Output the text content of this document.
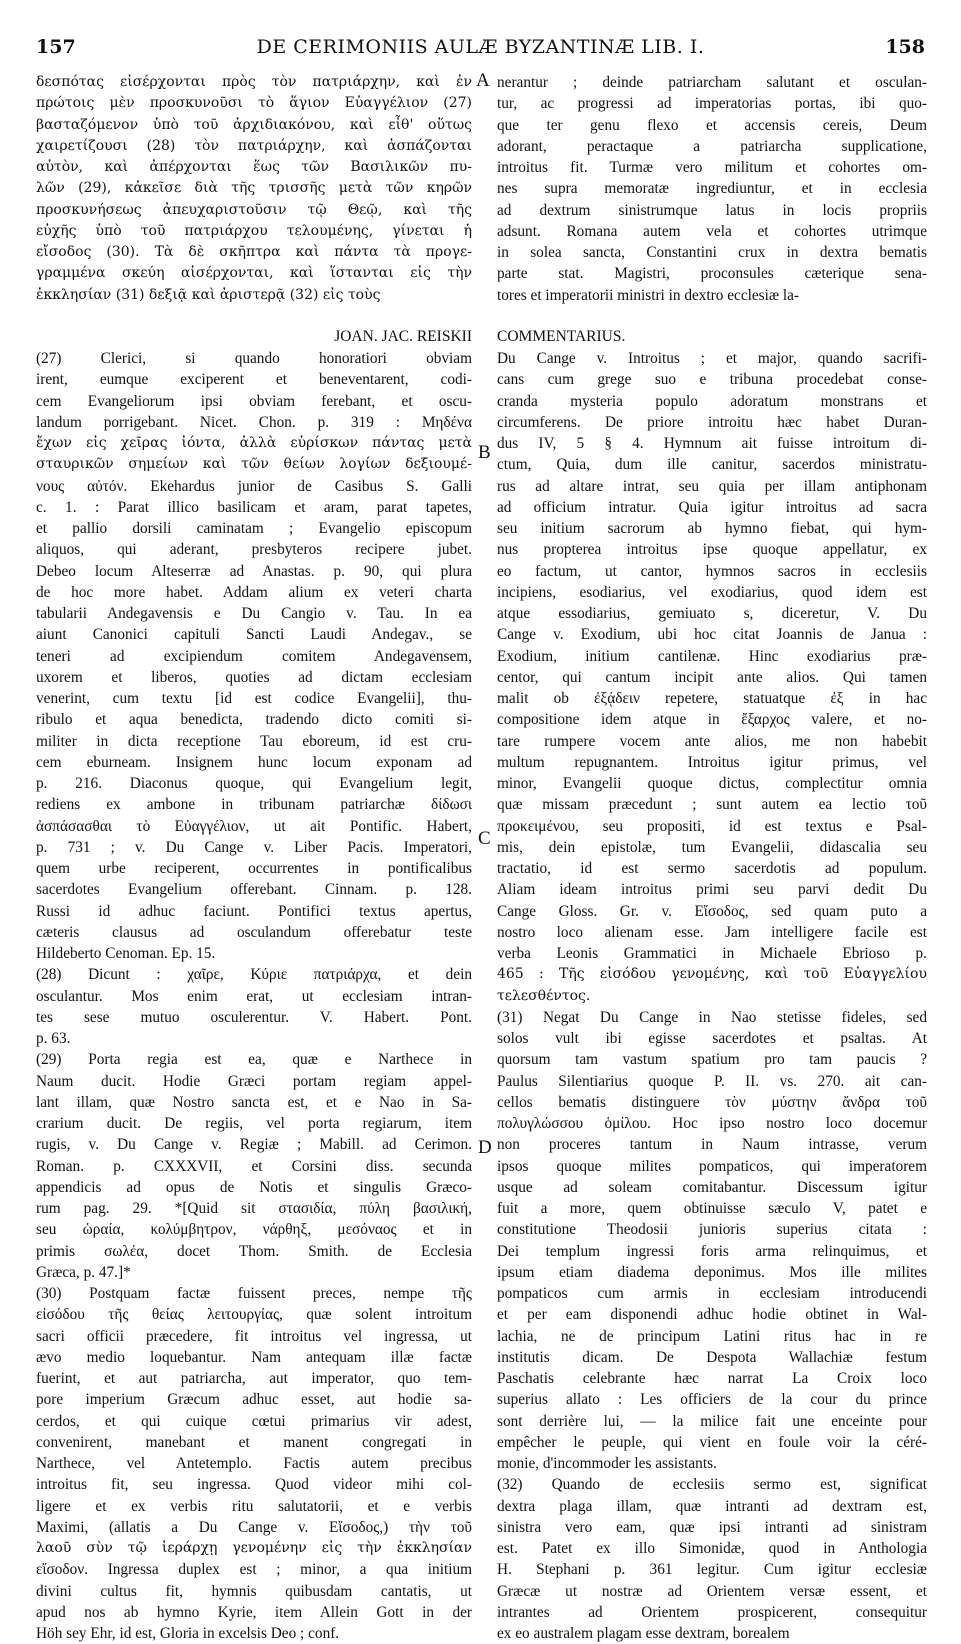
157	DE CERIMONIIS AULÆ BYZANTINÆ LIB. I.	158
δεσπότας εἰσέρχονται πρὸς τὸν πατριάρχην, καὶ ἐν
πρώτοις μὲν προσκυνοῦσι τὸ ἅγιον Εὐαγγέλιον (27)
βασταζόμενον ὑπὸ τοῦ ἀρχιδιακόνου, καὶ εἶθ' οὕτως
χαιρετίζουσι (28) τὸν πατριάρχην, καὶ ἀσπάζονται
αὐτὸν, καὶ ἀπέρχονται ἕως τῶν Βασιλικῶν πυ-
λῶν (29), κἀκεῖσε διὰ τῆς τρισσῆς μετὰ τῶν κηρῶν
προσκυνήσεως ἀπευχαριστοῦσιν τῷ Θεῷ, καὶ τῆς
εὐχῆς ὑπὸ τοῦ πατριάρχου τελουμένης, γίνεται ἡ
εἴσοδος (30). Τὰ δὲ σκῆπτρα καὶ πάντα τὰ προγε-
γραμμένα σκεύη αἰσέρχονται, καὶ ἵστανται εἰς τὴν
ἐκκλησίαν (31) δεξιᾷ καὶ ἀριστερᾷ (32) εἰς τοὺς
nerantur ; deinde patriarcham salutant et osculan-
tur, ac progressi ad imperatorias portas, ibi quo-
que ter genu flexo et accensis cereis, Deum
adorant, peractaque a patriarcha supplicatione,
introitus fit. Turmæ vero militum et cohortes om-
nes supra memoratæ ingrediuntur, et in ecclesia
ad dextrum sinistrumque latus in locis propriis
adsunt. Romana autem vela et cohortes utrimque
in solea sancta, Constantini crux in dextra bematis
parte stat. Magistri, proconsules cæterique sena-
tores et imperatorii ministri in dextro ecclesiæ la-
JOAN. JAC. REISKII COMMENTARIUS.
(27) Clerici, si quando honoratiori obviam
irent, eumque exciperent et beneventarent, codi-
cem Evangeliorum ipsi obviam ferebant, et oscu-
landum porrigebant. Nicet. Chon. p. 319 : Μηδένα
ἔχων εἰς χεῖρας ἰόντα, ἀλλὰ εὑρίσκων πάντας μετὰ
σταυρικῶν σημείων καὶ τῶν θείων λογίων δεξιουμέ-
νους αὐτόν. Ekehardus junior de Casibus S. Galli
c. 1. : Parat illico basilicam et aram, parat tapetes,
et pallio dorsili caminatam ; Evangelio episcopum
aliquos, qui aderant, presbyteros recipere jubet.
Debeo locum Alteserræ ad Anastas. p. 90, qui plura
de hoc more habet. Addam alium ex veteri charta
tabularii Andegavensis e Du Cangio v. Tau. In ea
aiunt Canonici capituli Sancti Laudi Andegav., se
teneri ad excipiendum comitem Andegavensem,
uxorem et liberos, quoties ad dictam ecclesiam
venerint, cum textu [id est codice Evangelii], thu-
ribulo et aqua benedicta, tradendo dicto comiti si-
militer in dicta receptione Tau eboreum, id est cru-
cem eburneam. Insignem hunc locum exponam ad
p. 216. Diaconus quoque, qui Evangelium legit,
rediens ex ambone in tribunam patriarchæ δίδωσι
ἀσπάσασθαι τὸ Εὐαγγέλιον, ut ait Pontific. Habert,
p. 731 ; v. Du Cange v. Liber Pacis. Imperatori,
quem urbe reciperent, occurrentes in pontificalibus
sacerdotes Evangelium offerebant. Cinnam. p. 128.
Russi id adhuc faciunt. Pontifici textus apertus,
cæteris clausus ad osculandum offerebatur teste
Hildeberto Cenoman. Ep. 15.
(28) Dicunt : χαῖρε, Κύριε πατριάρχα, et dein
osculantur. Mos enim erat, ut ecclesiam intran-
tes sese mutuo osculerentur. V. Habert. Pont.
p. 63.
(29) Porta regia est ea, quæ e Narthece in
Naum ducit. Hodie Græci portam regiam appel-
lant illam, quæ Nostro sancta est, et e Nao in Sa-
crarium ducit. De regiis, vel porta regiarum, item
rugis, v. Du Cange v. Regiæ ; Mabill. ad Cerimon.
Roman. p. CXXXVII, et Corsini diss. secunda
appendicis ad opus de Notis et singulis Græco-
rum pag. 29. *[Quid sit στασιδία, πύλη βασιλική,
seu ὡραία, κολύμβητρον, νάρθηξ, μεσόναος et in
primis σωλέα, docet Thom. Smith. de Ecclesia
Græca, p. 47.]*
(30) Postquam factæ fuissent preces, nempe τῆς
εἰσόδου τῆς θείας λειτουργίας, quæ solent introitum
sacri officii præcedere, fit introitus vel ingressa, ut
ævo medio loquebantur. Nam antequam illæ factæ
fuerint, et aut patriarcha, aut imperator, quo tem-
pore imperium Græcum adhuc esset, aut hodie sa-
cerdos, et qui cuique cœtui primarius vir adest,
convenirent, manebant et manent congregati in
Narthece, vel Antetemplo. Factis autem precibus
introitus fit, seu ingressa. Quod videor mihi col-
ligere et ex verbis ritu salutatorii, et e verbis
Maximi, (allatis a Du Cange v. Εἴσοδος,) τὴν τοῦ
λαοῦ σὺν τῷ ἱεράρχῃ γενομένην εἰς τὴν ἐκκλησίαν
εἴσοδον. Ingressa duplex est ; minor, a qua initium
divini cultus fit, hymnis quibusdam cantatis, ut
apud nos ab hymno Kyrie, item Allein Gott in der
Höh sey Ehr, id est, Gloria in excelsis Deo ; conf.
Du Cange v. Introitus ; et major, quando sacrifi-
cans cum grege suo e tribuna procedebat conse-
cranda mysteria populo adoratum monstrans et
circumferens. De priore introitu hæc habet Duran-
dus IV, 5 § 4. Hymnum ait fuisse introitum di-
ctum, Quia, dum ille canitur, sacerdos ministratu-
rus ad altare intrat, seu quia per illam antiphonam
ad officium intratur. Quia igitur introitus ad sacra
seu initium sacrorum ab hymno fiebat, qui hym-
nus propterea introitus ipse quoque appellatur, ex
eo factum, ut cantor, hymnos sacros in ecclesiis
incipiens, esodiarius, vel exodiarius, quod idem est
atque essodiarius, gemiuato s, diceretur, V. Du
Cange v. Exodium, ubi hoc citat Joannis de Janua :
Exodium, initium cantilenæ. Hinc exodiarius præ-
centor, qui cantum incipit ante alios. Qui tamen
malit ob ἐξᾴδειν repetere, statuatque ἐξ in hac
compositione idem atque in ἔξαρχος valere, et no-
tare rumpere vocem ante alios, me non habebit
multum repugnantem. Introitus igitur primus, vel
minor, Evangelii quoque dictus, complectitur omnia
quæ missam præcedunt ; sunt autem ea lectio τοῦ
προκειμένου, seu propositi, id est textus e Psal-
mis, dein epistolæ, tum Evangelii, didascalia seu
tractatio, id est sermo sacerdotis ad populum.
Aliam ideam introitus primi seu parvi dedit Du
Cange Gloss. Gr. v. Εἴσοδος, sed quam puto a
nostro loco alienam esse. Jam intelligere facile est
verba Leonis Grammatici in Michaele Ebrioso p.
465 : Τῆς εἰσόδου γενομένης, καὶ τοῦ Εὐαγγελίου
τελεσθέντος.
(31) Negat Du Cange in Nao stetisse fideles, sed
solos vult ibi egisse sacerdotes et psaltas. At
quorsum tam vastum spatium pro tam paucis ?
Paulus Silentiarius quoque P. II. vs. 270. ait can-
cellos bematis distinguere τὸν μύστην ἄνδρα τοῦ
πολυγλώσσου ὁμίλου. Hoc ipso nostro loco docemur
non proceres tantum in Naum intrasse, verum
ipsos quoque milites pompaticos, qui imperatorem
usque ad soleam comitabantur. Discessum igitur
fuit a more, quem obtinuisse sæculo V, patet e
constitutione Theodosii junioris superius citata :
Dei templum ingressi foris arma relinquimus, et
ipsum etiam diadema deponimus. Mos ille milites
pompaticos cum armis in ecclesiam introducendi
et per eam disponendi adhuc hodie obtinet in Wal-
lachia, ne de principum Latini ritus hac in re
institutis dicam. De Despota Wallachiæ festum
Paschatis celebrante hæc narrat La Croix loco
superius allato : Les officiers de la cour du prince
sont derrière lui, — la milice fait une enceinte pour
empêcher le peuple, qui vient en foule voir la céré-
monie, d'incommoder les assistants.
(32) Quando de ecclesiis sermo est, significat
dextra plaga illam, quæ intranti ad dextram est,
sinistra vero eam, quæ ipsi intranti ad sinistram
est. Patet ex illo Simonidæ, quod in Anthologia
H. Stephani p. 361 legitur. Cum igitur ecclesiæ
Græcæ ut nostræ ad Orientem versæ essent, et
intrantes ad Orientem prospicerent, consequitur
ex eo australem plagam esse dextram, borealem
A
B
C
D
